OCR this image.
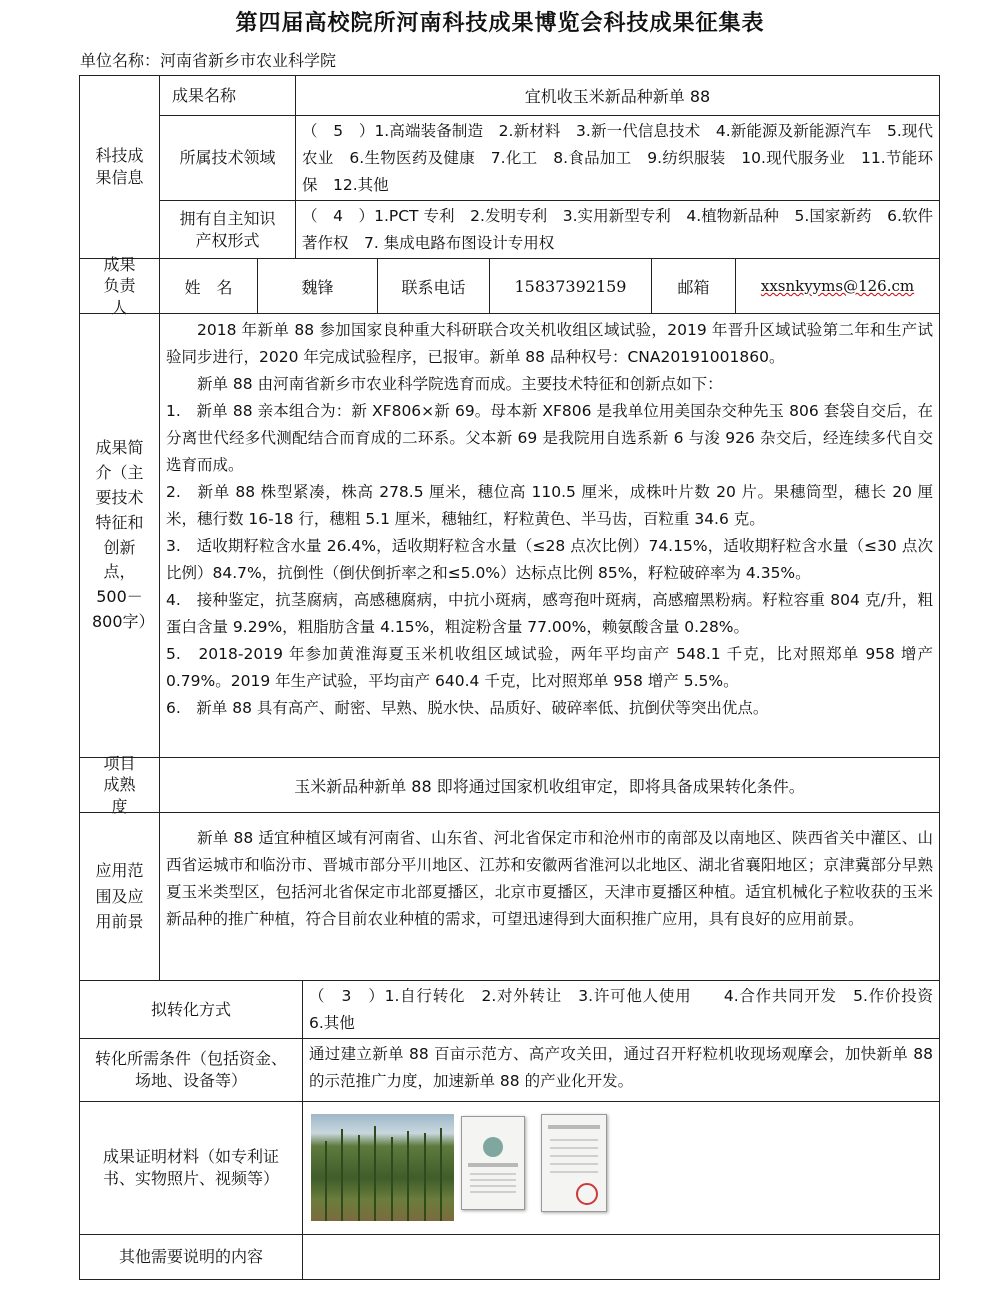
第四届高校院所河南科技成果博览会科技成果征集表
单位名称：河南省新乡市农业科学院
科技成果信息
成果名称	宜机收玉米新品种新单 88
所属技术领域
（　5　）1.高端装备制造　2.新材料　3.新一代信息技术　4.新能源及新能源汽车　5.现代农业　6.生物医药及健康　7.化工　8.食品加工　9.纺织服装　10.现代服务业　11.节能环保　12.其他
拥有自主知识产权形式
（　4　）1.PCT 专利　2.发明专利　3.实用新型专利　4.植物新品种　5.国家新药　6.软件著作权　7. 集成电路布图设计专用权
成果负责人
姓　名	魏锋	联系电话	15837392159	邮箱	xxsnkyyms@126.cm
成果简介（主要技术特征和创新点，500－800字）

2018 年新单 88 参加国家良种重大科研联合攻关机收组区域试验，2019 年晋升区域试验第二年和生产试验同步进行，2020 年完成试验程序，已报审。新单 88 品种权号：CNA20191001860。

新单 88 由河南省新乡市农业科学院选育而成。主要技术特征和创新点如下：

1.　新单 88 亲本组合为：新 XF806×新 69。母本新 XF806 是我单位用美国杂交种先玉 806 套袋自交后，在分离世代经多代测配结合而育成的二环系。父本新 69 是我院用自选系新 6 与浚 926 杂交后，经连续多代自交选育而成。

2.　新单 88 株型紧凑，株高 278.5 厘米，穗位高 110.5 厘米，成株叶片数 20 片。果穗筒型，穗长 20 厘米，穗行数 16-18 行，穗粗 5.1 厘米，穗轴红，籽粒黄色、半马齿，百粒重 34.6 克。

3.　适收期籽粒含水量 26.4%，适收期籽粒含水量（≤28 点次比例）74.15%，适收期籽粒含水量（≤30 点次比例）84.7%，抗倒性（倒伏倒折率之和≤5.0%）达标点比例 85%，籽粒破碎率为 4.35%。

4.　接种鉴定，抗茎腐病，高感穗腐病，中抗小斑病，感弯孢叶斑病，高感瘤黑粉病。籽粒容重 804 克/升，粗蛋白含量 9.29%，粗脂肪含量 4.15%，粗淀粉含量 77.00%，赖氨酸含量 0.28%。

5.　2018-2019 年参加黄淮海夏玉米机收组区域试验，两年平均亩产 548.1 千克，比对照郑单 958 增产 0.79%。2019 年生产试验，平均亩产 640.4 千克，比对照郑单 958 增产 5.5%。

6.　新单 88 具有高产、耐密、早熟、脱水快、品质好、破碎率低、抗倒伏等突出优点。

项目成熟度
玉米新品种新单 88 即将通过国家机收组审定，即将具备成果转化条件。
应用范围及应用前景

新单 88 适宜种植区域有河南省、山东省、河北省保定市和沧州市的南部及以南地区、陕西省关中灌区、山西省运城市和临汾市、晋城市部分平川地区、江苏和安徽两省淮河以北地区、湖北省襄阳地区；京津冀部分早熟夏玉米类型区，包括河北省保定市北部夏播区，北京市夏播区，天津市夏播区种植。适宜机械化子粒收获的玉米新品种的推广种植，符合目前农业种植的需求，可望迅速得到大面积推广应用，具有良好的应用前景。

拟转化方式
（　3　）1.自行转化　2.对外转让　3.许可他人使用　　4.合作共同开发　5.作价投资　6.其他
转化所需条件（包括资金、场地、设备等）
通过建立新单 88 百亩示范方、高产攻关田，通过召开籽粒机收现场观摩会，加快新单 88的示范推广力度，加速新单 88 的产业化开发。
成果证明材料（如专利证书、实物照片、视频等）
其他需要说明的内容
